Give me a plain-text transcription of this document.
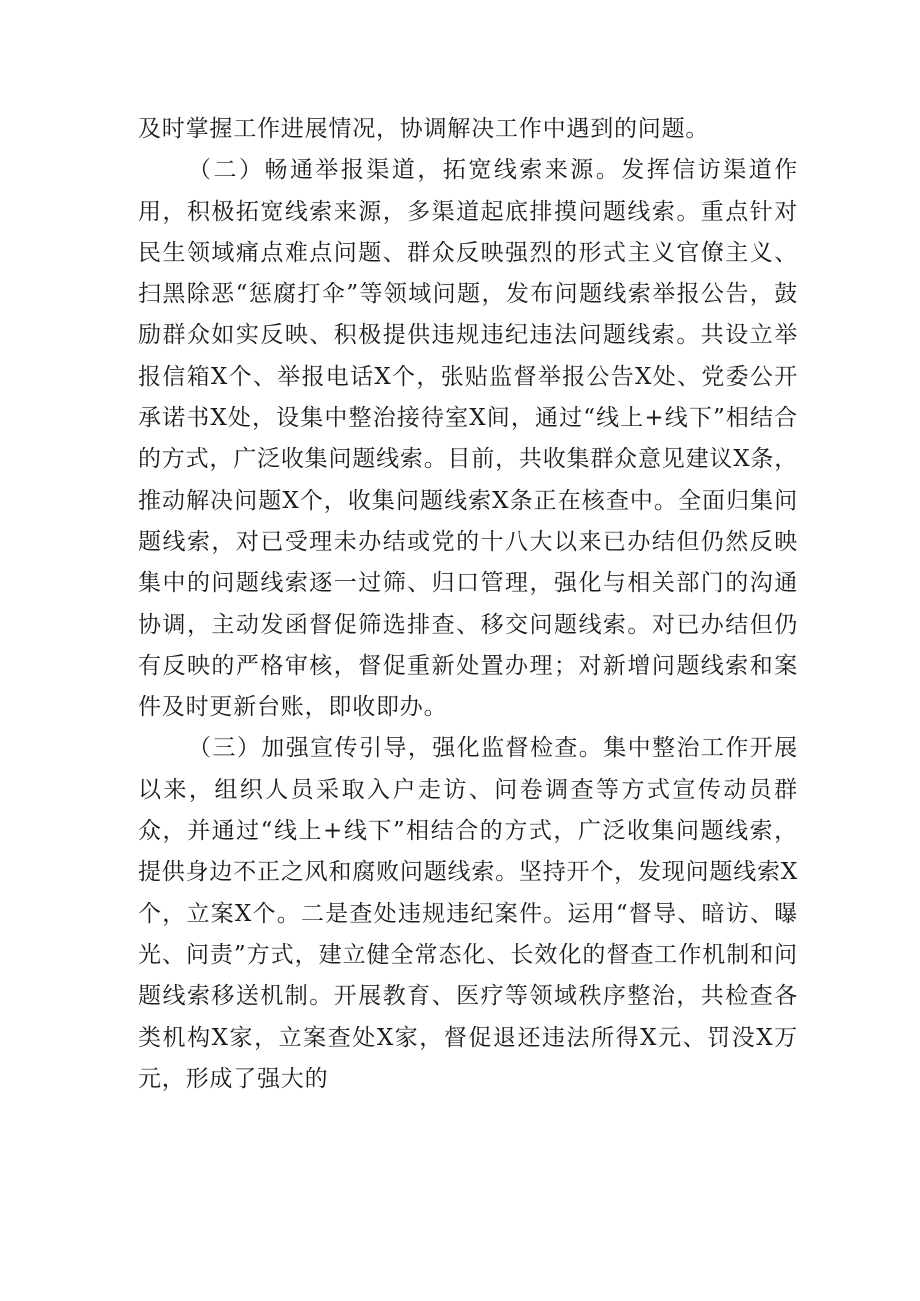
及时掌握工作进展情况，协调解决工作中遇到的问题。

（二）畅通举报渠道，拓宽线索来源。发挥信访渠道作用，积极拓宽线索来源，多渠道起底排摸问题线索。重点针对民生领域痛点难点问题、群众反映强烈的形式主义官僚主义、扫黑除恶“惩腐打伞”等领域问题，发布问题线索举报公告，鼓励群众如实反映、积极提供违规违纪违法问题线索。共设立举报信箱X个、举报电话X个，张贴监督举报公告X处、党委公开承诺书X处，设集中整治接待室X间，通过“线上+线下”相结合的方式，广泛收集问题线索。目前，共收集群众意见建议X条，推动解决问题X个，收集问题线索X条正在核查中。全面归集问题线索，对已受理未办结或党的十八大以来已办结但仍然反映集中的问题线索逐一过筛、归口管理，强化与相关部门的沟通协调，主动发函督促筛选排查、移交问题线索。对已办结但仍有反映的严格审核，督促重新处置办理；对新增问题线索和案件及时更新台账，即收即办。

（三）加强宣传引导，强化监督检查。集中整治工作开展以来，组织人员采取入户走访、问卷调查等方式宣传动员群众，并通过“线上+线下”相结合的方式，广泛收集问题线索，提供身边不正之风和腐败问题线索。坚持开个，发现问题线索X个，立案X个。二是查处违规违纪案件。运用“督导、暗访、曝光、问责”方式，建立健全常态化、长效化的督查工作机制和问题线索移送机制。开展教育、医疗等领域秩序整治，共检查各类机构X家，立案查处X家，督促退还违法所得X元、罚没X万元，形成了强大的
